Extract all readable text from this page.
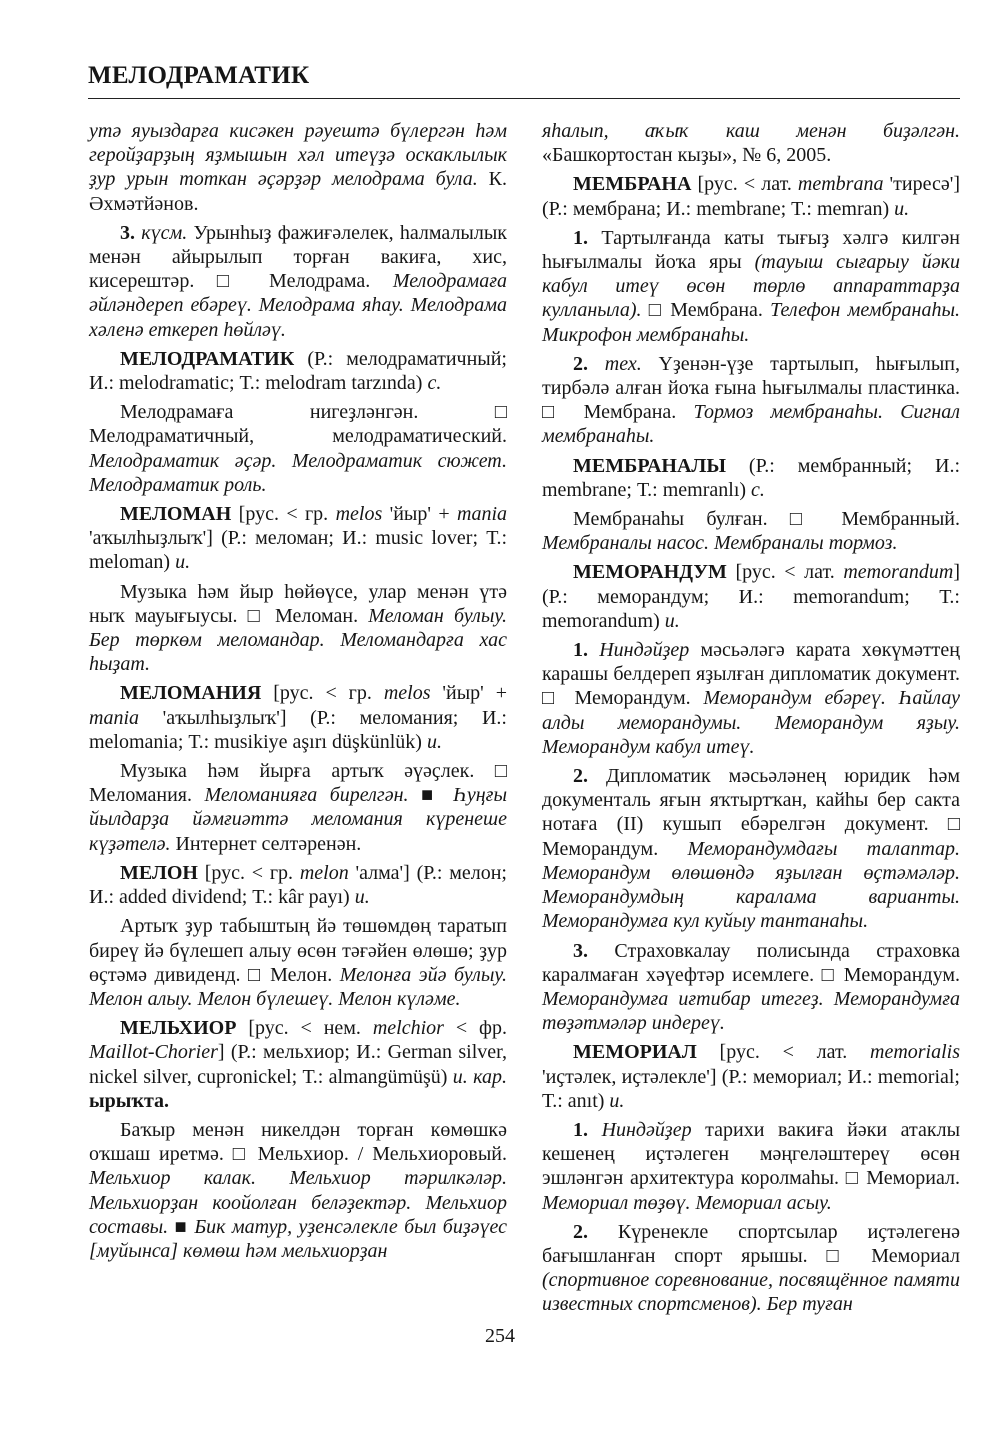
МЕЛОДРАМАТИК

утә яуыздарға кисәкен рәуештә бүлергән һәм геройҙарҙың яҙмышын хәл итеүҙә оскаклылык ҙур урын тоткан әҫәрҙәр мелодрама була. К. Әхмәтйәнов.

3. күсм. Урынһыҙ фажиғәлелек, һалмалылык менән айырылып торған вакиға, хис, кисерештәр. □ Мелодрама. Мелодрамаға әйләндереп ебәреү. Мелодрама яһау. Мелодрама хәленә еткереп һөйләү.

МЕЛОДРАМАТИК (Р.: мелодраматичный; И.: melodramatic; Т.: melodram tarzında) с.

Мелодрамаға нигеҙләнгән. □ Мелодраматичный, мелодраматический. Мелодраматик әҫәр. Мелодраматик сюжет. Мелодраматик роль.

МЕЛОМАН [рус. < гр. melos 'йыр' + mania 'аҡылһыҙлыҡ'] (Р.: меломан; И.: music lover; Т.: meloman) и.

Музыка һәм йыр һөйөүсе, улар менән үтә ныҡ мауығыусы. □ Меломан. Меломан булыу. Бер төркөм меломандар. Меломандарға хас һыҙат.

МЕЛОМАНИЯ [рус. < гр. melos 'йыр' + mania 'аҡылһыҙлыҡ'] (Р.: меломания; И.: melomania; Т.: musikiye aşırı düşkünlük) и.

Музыка һәм йырға артыҡ әүәҫлек. □ Меломания. Меломанияға бирелгән. ■ Һуңғы йылдарҙа йәмғиәттә меломания күренеше күҙәтелә. Интернет селтәренән.

МЕЛОН [рус. < гр. melon 'алма'] (Р.: мелон; И.: added dividend; Т.: kâr payı) и.

Артыҡ ҙур табыштың йә төшөмдөң таратып биреү йә бүлешеп алыу өсөн тәғәйен өлөшө; ҙур өҫтәмә дивиденд. □ Мелон. Мелонға эйә булыу. Мелон алыу. Мелон бүлешеү. Мелон күләме.

МЕЛЬХИОР [рус. < нем. melchior < фр. Maillot-Chorier] (Р.: мельхиор; И.: German silver, nickel silver, cupronickel; Т.: almangümüşü) и. кар. ырыҡта.

Баҡыр менән никелдән торған көмөшкә оҡшаш иретмә. □ Мельхиор. / Мельхиоровый. Мельхиор калак. Мельхиор тәрилкәләр. Мельхиорҙан коойолған беләҙектәр. Мельхиор составы. ■ Бик матур, уҙенсәлекле был биҙәүес [муйынса] көмөш һәм мельхиорҙан

яһалып, аҡыҡ каш менән биҙәлгән. «Башкортостан кыҙы», № 6, 2005.

МЕМБРАНА [рус. < лат. membrana 'тиресә'] (Р.: мембрана; И.: membrane; Т.: memran) и.

1. Тартылғанда каты тығыҙ хәлгә килгән һығылмалы йоҡа яры (тауыш сығарыу йәки кабул итеү өсөн төрлө аппараттарҙа кулланыла). □ Мембрана. Телефон мембранаһы. Микрофон мембранаһы.

2. тех. Үҙенән-үҙе тартылып, һығылып, тирбәлә алған йоҡа ғына һығылмалы пластинка. □ Мембрана. Тормоз мембранаһы. Сигнал мембранаһы.

МЕМБРАНАЛЫ (Р.: мембранный; И.: membrane; Т.: memranlı) с.

Мембранаһы булған. □ Мембранный. Мембраналы насос. Мембраналы тормоз.

МЕМОРАНДУМ [рус. < лат. memorandum] (Р.: меморандум; И.: memorandum; Т.: memorandum) и.

1. Ниндәйҙер мәсьәләгә карата хөкүмәттең карашы белдереп яҙылған дипломатик документ. □ Меморандум. Меморандум ебәреү. Һайлау алды меморандумы. Меморандум яҙыу. Меморандум кабул итеү.

2. Дипломатик мәсьәләнең юридик һәм документаль яғын яҡтыртҡан, кайһы бер сакта нотаға (II) кушып ебәрелгән документ. □ Меморандум. Меморандумдағы талаптар. Меморандум өлөшөндә яҙылған өҫтәмәләр. Меморандумдың каралама варианты. Меморандумға кул куйыу тантанаһы.

3. Страховкалау полисында страховка каралмаған хәүефтәр исемлеге. □ Меморандум. Меморандумға иғтибар итегеҙ. Меморандумға төҙәтмәләр индереү.

МЕМОРИАЛ [рус. < лат. memorialis 'иҫтәлек, иҫтәлекле'] (Р.: мемориал; И.: memorial; Т.: anıt) и.

1. Ниндәйҙер тарихи вакиға йәки атаклы кешенең иҫтәлеген мәңгеләштереү өсөн эшләнгән архитектура королмаһы. □ Мемориал. Мемориал төҙөү. Мемориал асыу.

2. Күренекле спортсылар иҫтәлегенә бағышланған спорт ярышы. □ Мемориал (спортивное соревнование, посвящённое памяти известных спортсменов). Бер туған

254
